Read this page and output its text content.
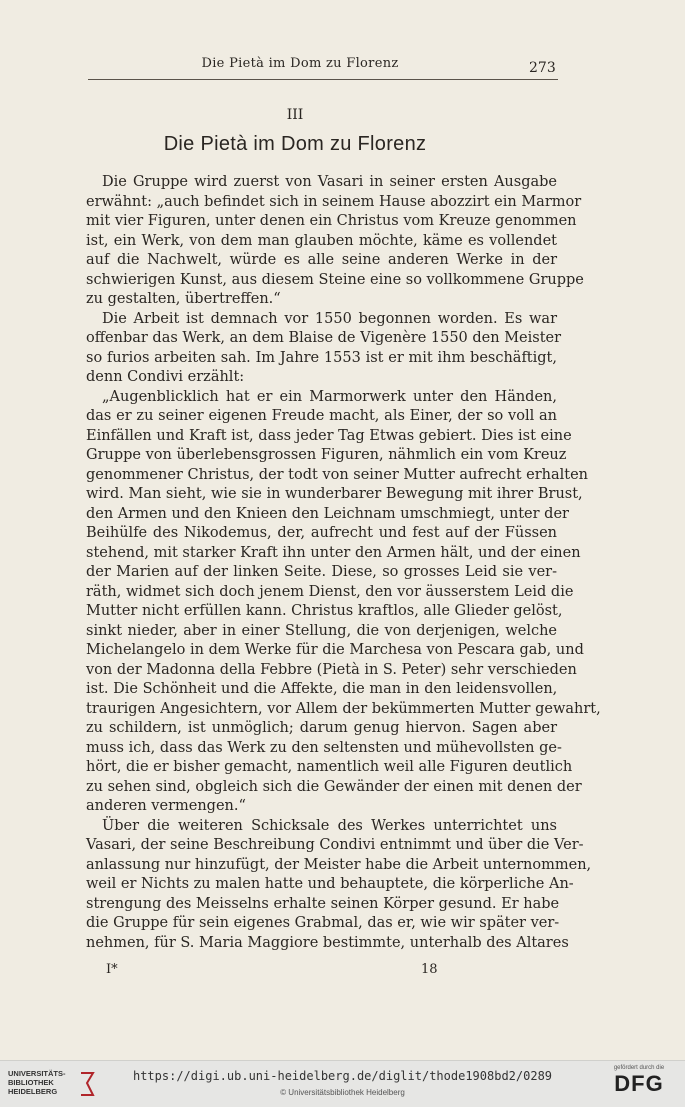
Die Pietà im Dom zu Florenz	273
III
Die Pietà im Dom zu Florenz
Die Gruppe wird zuerst von Vasari in seiner ersten Ausgabe
erwähnt: „auch befindet sich in seinem Hause abozzirt ein Marmor
mit vier Figuren, unter denen ein Christus vom Kreuze genommen
ist, ein Werk, von dem man glauben möchte, käme es vollendet
auf die Nachwelt, würde es alle seine anderen Werke in der
schwierigen Kunst, aus diesem Steine eine so vollkommene Gruppe
zu gestalten, übertreffen.“
Die Arbeit ist demnach vor 1550 begonnen worden. Es war
offenbar das Werk, an dem Blaise de Vigenère 1550 den Meister
so furios arbeiten sah. Im Jahre 1553 ist er mit ihm beschäftigt,
denn Condivi erzählt:
„Augenblicklich hat er ein Marmorwerk unter den Händen,
das er zu seiner eigenen Freude macht, als Einer, der so voll an
Einfällen und Kraft ist, dass jeder Tag Etwas gebiert. Dies ist eine
Gruppe von überlebensgrossen Figuren, nähmlich ein vom Kreuz
genommener Christus, der todt von seiner Mutter aufrecht erhalten
wird. Man sieht, wie sie in wunderbarer Bewegung mit ihrer Brust,
den Armen und den Knieen den Leichnam umschmiegt, unter der
Beihülfe des Nikodemus, der, aufrecht und fest auf der Füssen
stehend, mit starker Kraft ihn unter den Armen hält, und der einen
der Marien auf der linken Seite. Diese, so grosses Leid sie ver-
räth, widmet sich doch jenem Dienst, den vor äusserstem Leid die
Mutter nicht erfüllen kann. Christus kraftlos, alle Glieder gelöst,
sinkt nieder, aber in einer Stellung, die von derjenigen, welche
Michelangelo in dem Werke für die Marchesa von Pescara gab, und
von der Madonna della Febbre (Pietà in S. Peter) sehr verschieden
ist. Die Schönheit und die Affekte, die man in den leidensvollen,
traurigen Angesichtern, vor Allem der bekümmerten Mutter gewahrt,
zu schildern, ist unmöglich; darum genug hiervon. Sagen aber
muss ich, dass das Werk zu den seltensten und mühevollsten ge-
hört, die er bisher gemacht, namentlich weil alle Figuren deutlich
zu sehen sind, obgleich sich die Gewänder der einen mit denen der
anderen vermengen.“
Über die weiteren Schicksale des Werkes unterrichtet uns
Vasari, der seine Beschreibung Condivi entnimmt und über die Ver-
anlassung nur hinzufügt, der Meister habe die Arbeit unternommen,
weil er Nichts zu malen hatte und behauptete, die körperliche An-
strengung des Meisselns erhalte seinen Körper gesund. Er habe
die Gruppe für sein eigenes Grabmal, das er, wie wir später ver-
nehmen, für S. Maria Maggiore bestimmte, unterhalb des Altares
I*	18
UNIVERSITÄTS-
BIBLIOTHEK
HEIDELBERG
https://digi.ub.uni-heidelberg.de/diglit/thode1908bd2/0289
© Universitätsbibliothek Heidelberg
gefördert durch die
DFG
